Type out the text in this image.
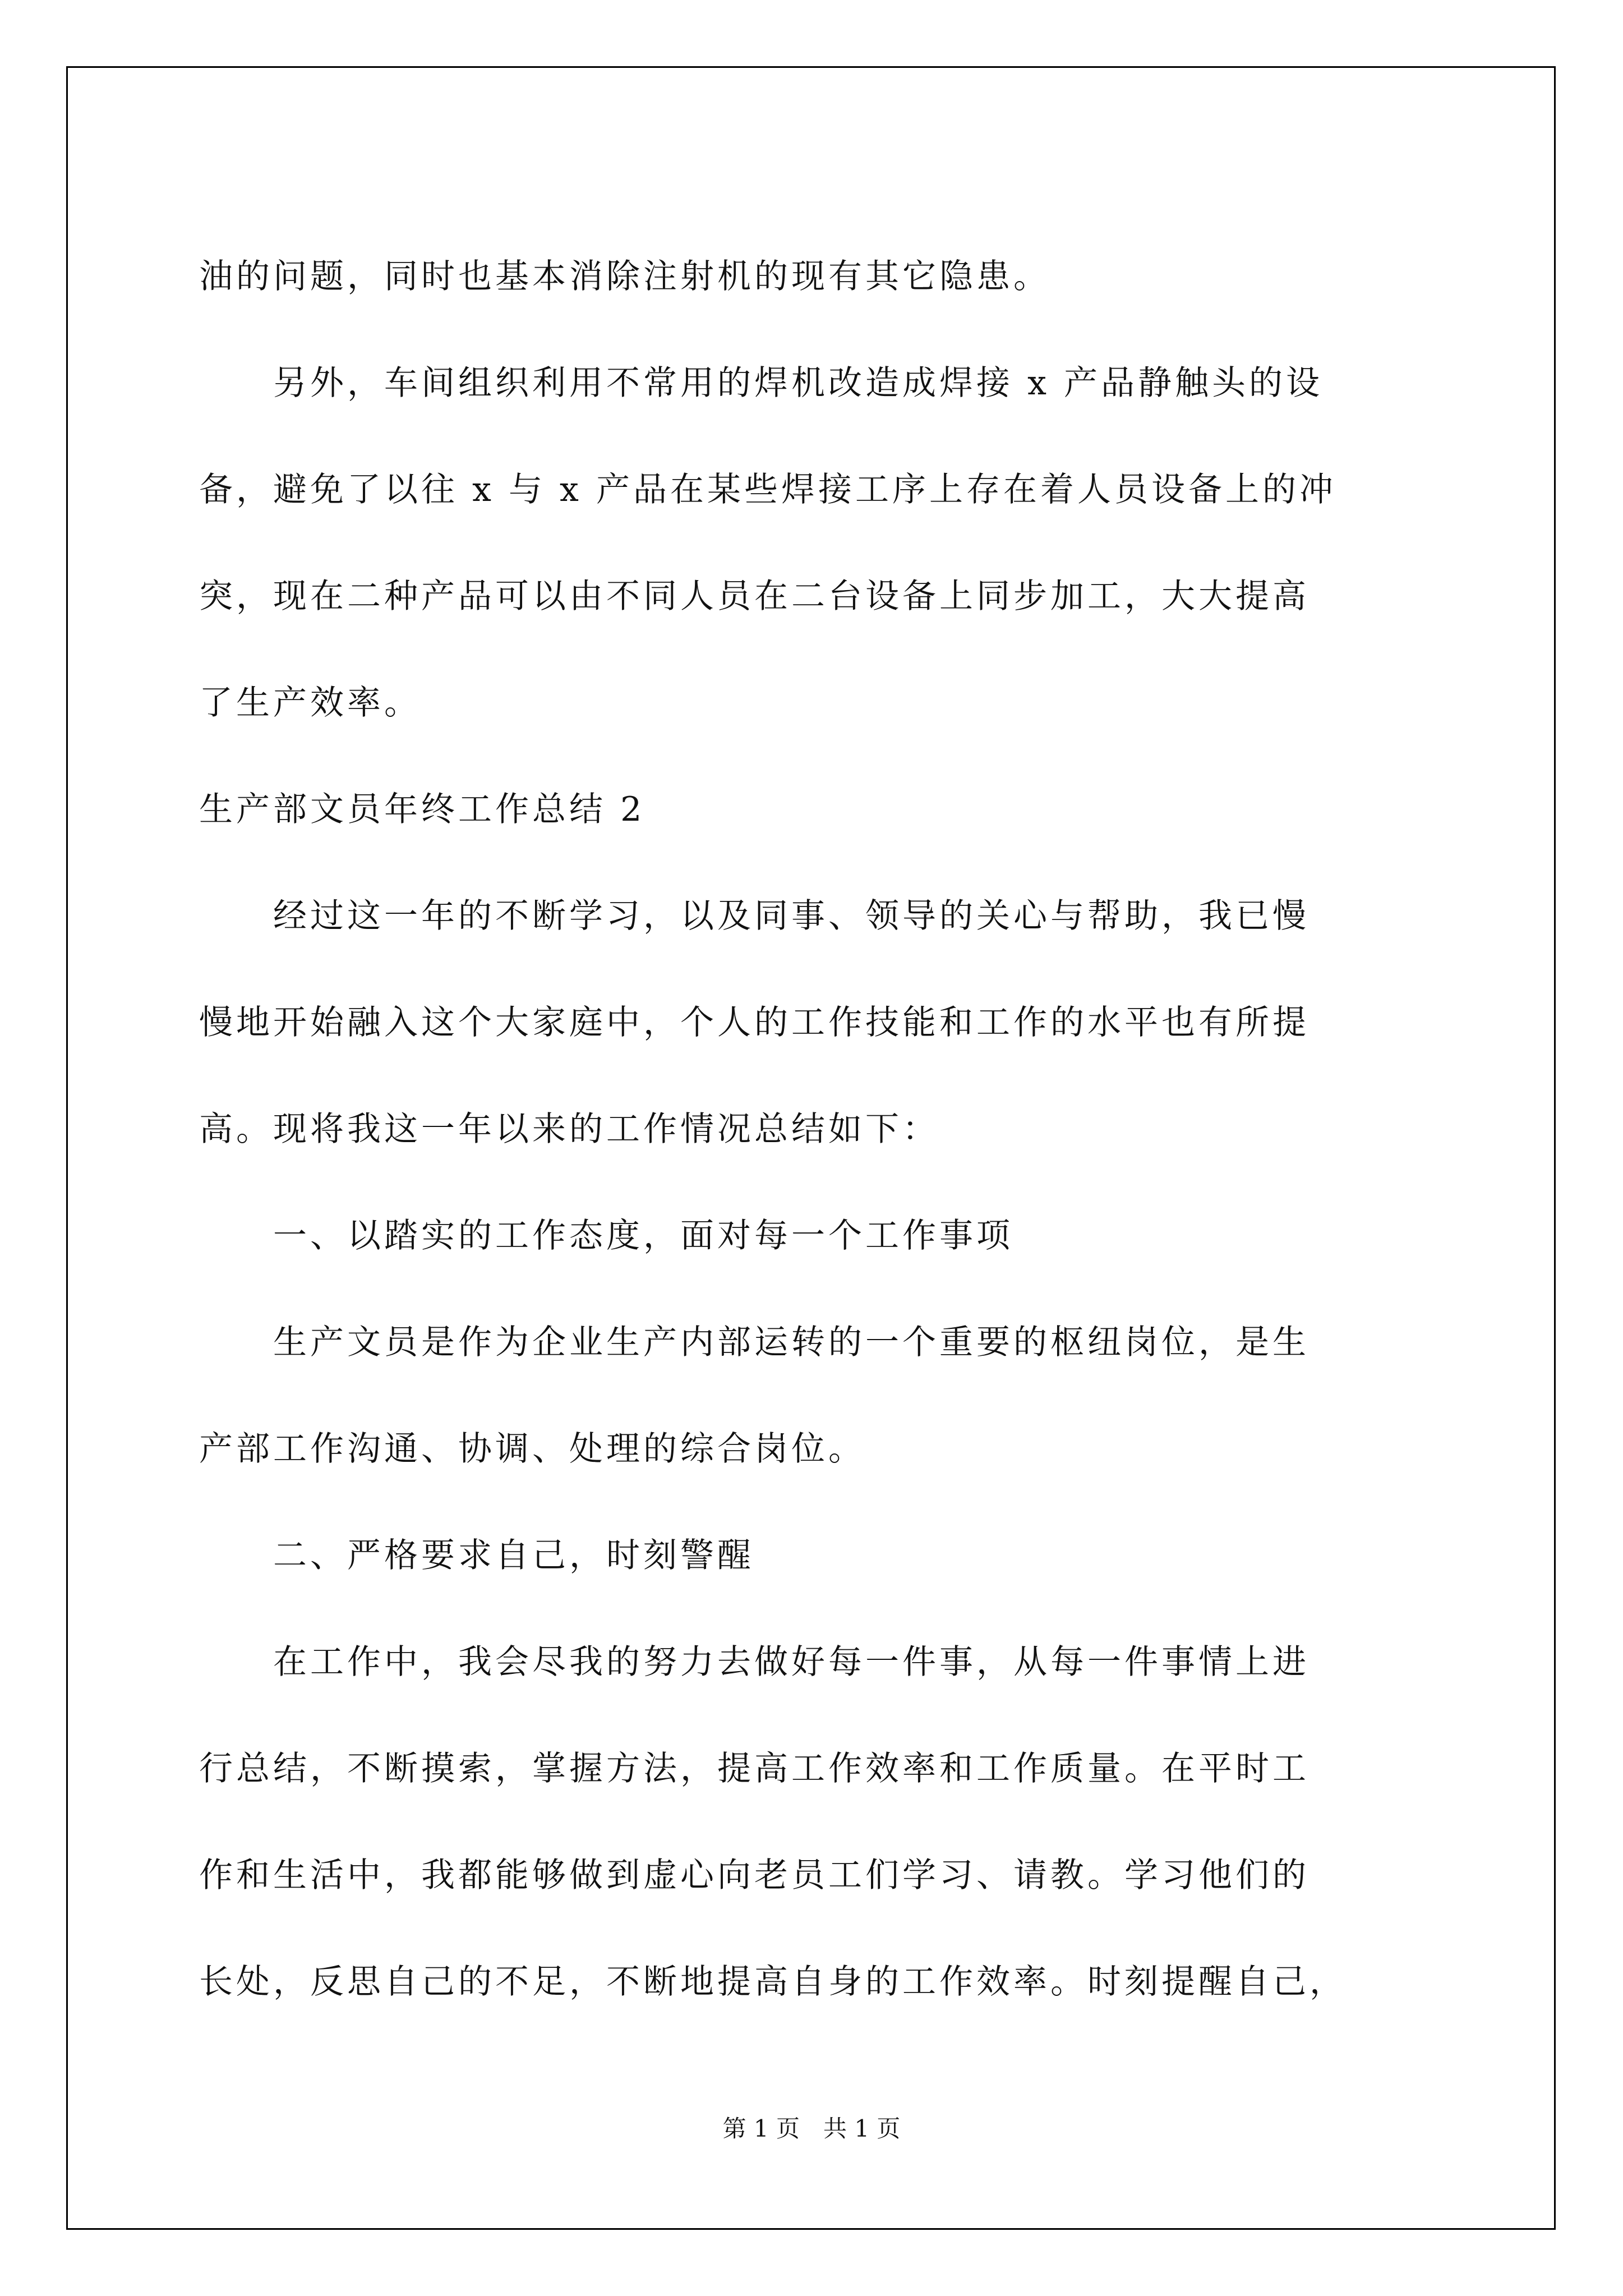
油的问题，同时也基本消除注射机的现有其它隐患。
　　另外，车间组织利用不常用的焊机改造成焊接 x 产品静触头的设
备，避免了以往 x 与 x 产品在某些焊接工序上存在着人员设备上的冲
突，现在二种产品可以由不同人员在二台设备上同步加工，大大提高
了生产效率。
生产部文员年终工作总结 2
　　经过这一年的不断学习，以及同事、领导的关心与帮助，我已慢
慢地开始融入这个大家庭中，个人的工作技能和工作的水平也有所提
高。现将我这一年以来的工作情况总结如下：
　　一、以踏实的工作态度，面对每一个工作事项
　　生产文员是作为企业生产内部运转的一个重要的枢纽岗位，是生
产部工作沟通、协调、处理的综合岗位。
　　二、严格要求自己，时刻警醒
　　在工作中，我会尽我的努力去做好每一件事，从每一件事情上进
行总结，不断摸索，掌握方法，提高工作效率和工作质量。在平时工
作和生活中，我都能够做到虚心向老员工们学习、请教。学习他们的
长处，反思自己的不足，不断地提高自身的工作效率。时刻提醒自己，
第 1 页　共 1 页
